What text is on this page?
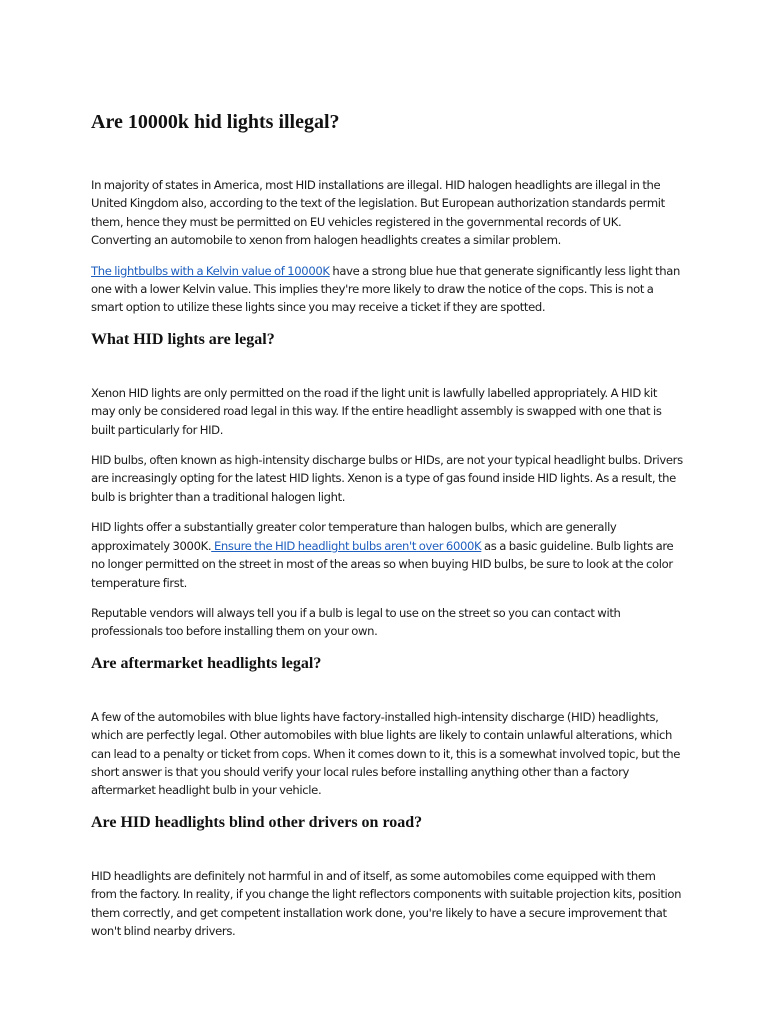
Are 10000k hid lights illegal?

In majority of states in America, most HID installations are illegal. HID halogen headlights are illegal in the United Kingdom also, according to the text of the legislation. But European authorization standards permit them, hence they must be permitted on EU vehicles registered in the governmental records of UK. Converting an automobile to xenon from halogen headlights creates a similar problem.

The lightbulbs with a Kelvin value of 10000K have a strong blue hue that generate significantly less light than one with a lower Kelvin value. This implies they're more likely to draw the notice of the cops. This is not a smart option to utilize these lights since you may receive a ticket if they are spotted.

What HID lights are legal?

Xenon HID lights are only permitted on the road if the light unit is lawfully labelled appropriately. A HID kit may only be considered road legal in this way. If the entire headlight assembly is swapped with one that is built particularly for HID.

HID bulbs, often known as high-intensity discharge bulbs or HIDs, are not your typical headlight bulbs. Drivers are increasingly opting for the latest HID lights. Xenon is a type of gas found inside HID lights. As a result, the bulb is brighter than a traditional halogen light.

HID lights offer a substantially greater color temperature than halogen bulbs, which are generally approximately 3000K. Ensure the HID headlight bulbs aren't over 6000K as a basic guideline. Bulb lights are no longer permitted on the street in most of the areas so when buying HID bulbs, be sure to look at the color temperature first.

Reputable vendors will always tell you if a bulb is legal to use on the street so you can contact with professionals too before installing them on your own.

Are aftermarket headlights legal?

A few of the automobiles with blue lights have factory-installed high-intensity discharge (HID) headlights, which are perfectly legal. Other automobiles with blue lights are likely to contain unlawful alterations, which can lead to a penalty or ticket from cops. When it comes down to it, this is a somewhat involved topic, but the short answer is that you should verify your local rules before installing anything other than a factory aftermarket headlight bulb in your vehicle.

Are HID headlights blind other drivers on road?

HID headlights are definitely not harmful in and of itself, as some automobiles come equipped with them from the factory. In reality, if you change the light reflectors components with suitable projection kits, position them correctly, and get competent installation work done, you're likely to have a secure improvement that won't blind nearby drivers.
